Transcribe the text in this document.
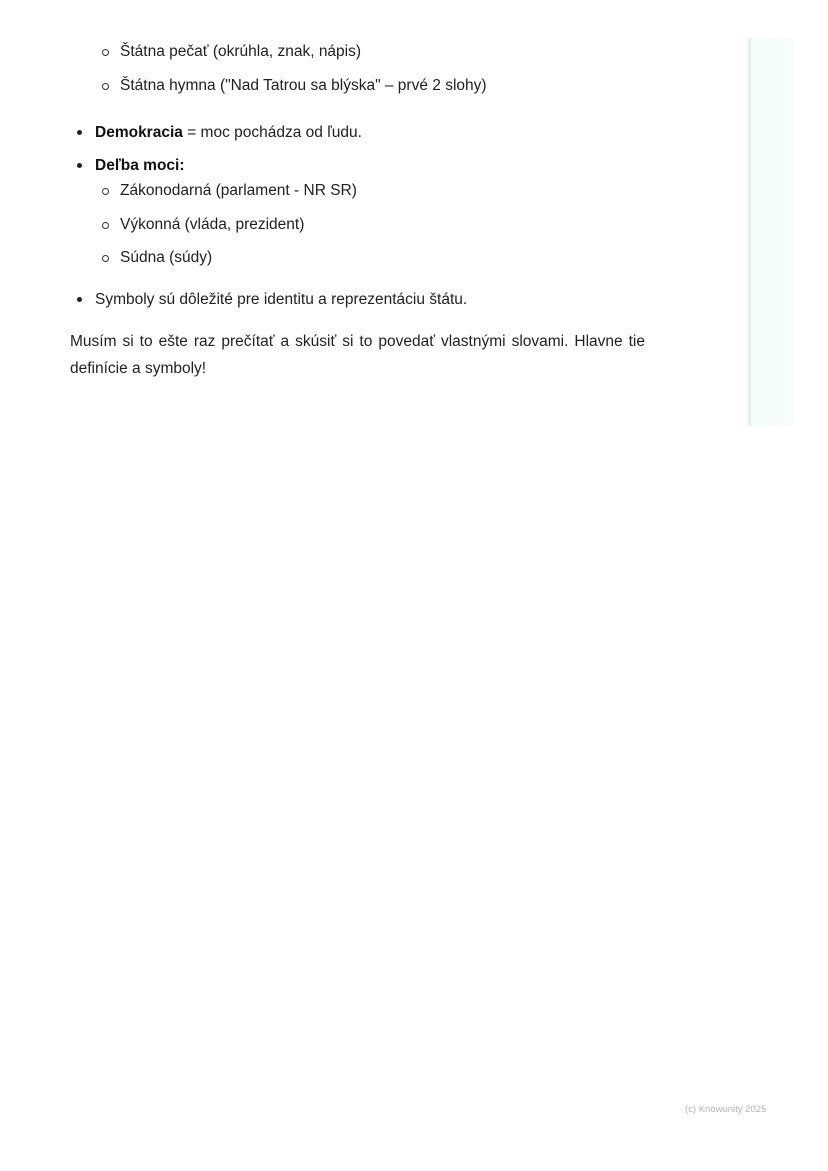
Štátna pečať (okrúhla, znak, nápis)
Štátna hymna ("Nad Tatrou sa blýska" – prvé 2 slohy)
Demokracia = moc pochádza od ľudu.
Deľba moci:
Zákonodarná (parlament - NR SR)
Výkonná (vláda, prezident)
Súdna (súdy)
Symboly sú dôležité pre identitu a reprezentáciu štátu.

Musím si to ešte raz prečítať a skúsiť si to povedať vlastnými slovami. Hlavne tie definície a symboly!

(c) Knowunity 2025
